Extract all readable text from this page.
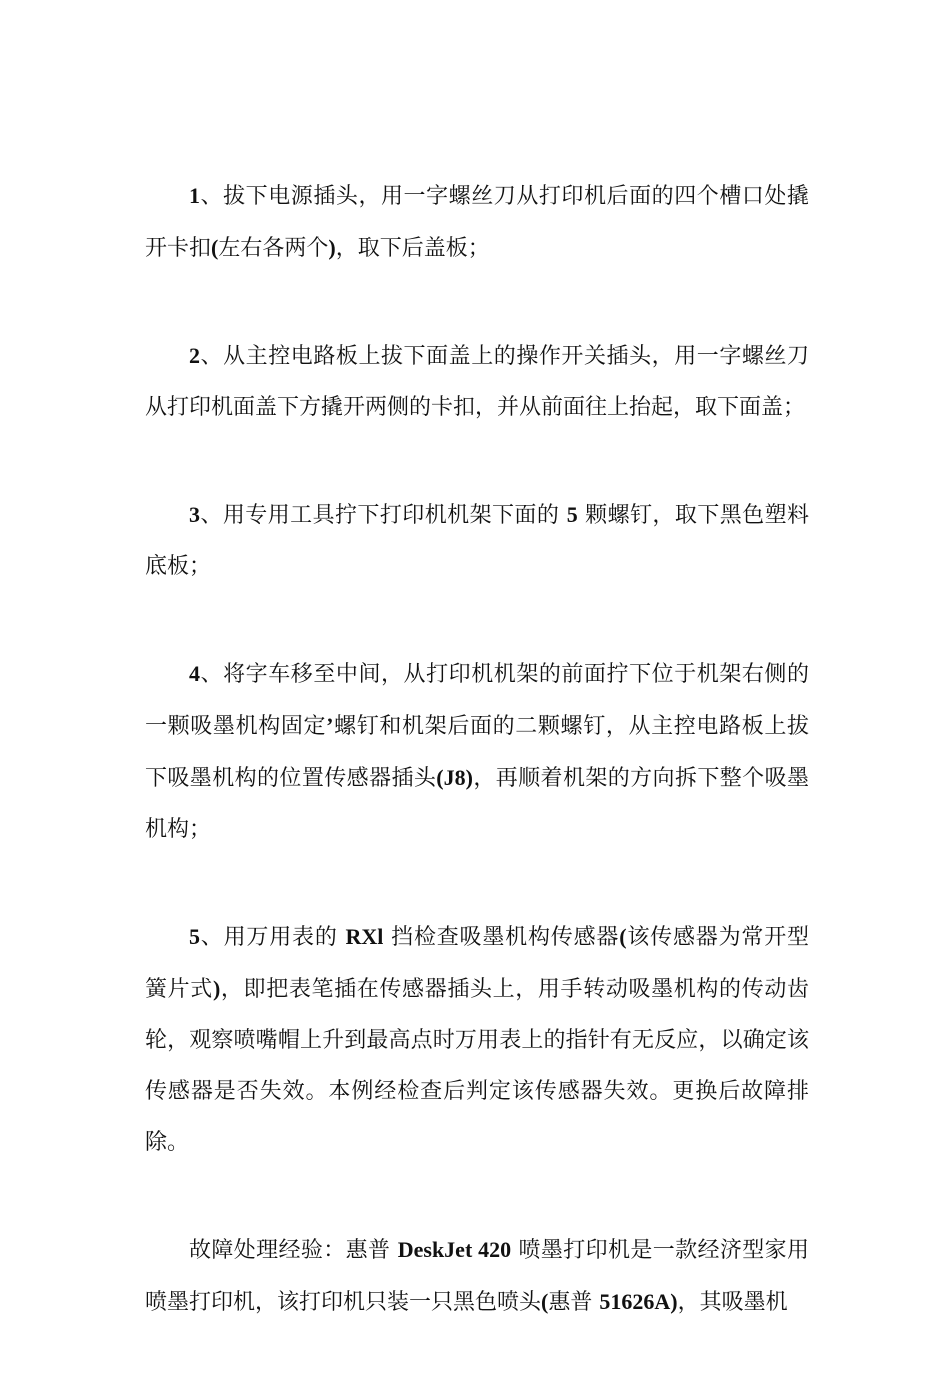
1、拔下电源插头，用一字螺丝刀从打印机后面的四个槽口处撬开卡扣(左右各两个)，取下后盖板；

2、从主控电路板上拔下面盖上的操作开关插头，用一字螺丝刀从打印机面盖下方撬开两侧的卡扣，并从前面往上抬起，取下面盖；

3、用专用工具拧下打印机机架下面的 5 颗螺钉，取下黑色塑料底板；

4、将字车移至中间，从打印机机架的前面拧下位于机架右侧的一颗吸墨机构固定’螺钉和机架后面的二颗螺钉，从主控电路板上拔下吸墨机构的位置传感器插头(J8)，再顺着机架的方向拆下整个吸墨机构；

5、用万用表的 RXl 挡检查吸墨机构传感器(该传感器为常开型簧片式)，即把表笔插在传感器插头上，用手转动吸墨机构的传动齿轮，观察喷嘴帽上升到最高点时万用表上的指针有无反应，以确定该传感器是否失效。本例经检查后判定该传感器失效。更换后故障排除。

故障处理经验：惠普 DeskJet 420 喷墨打印机是一款经济型家用喷墨打印机，该打印机只装一只黑色喷头(惠普 51626A)，其吸墨机
